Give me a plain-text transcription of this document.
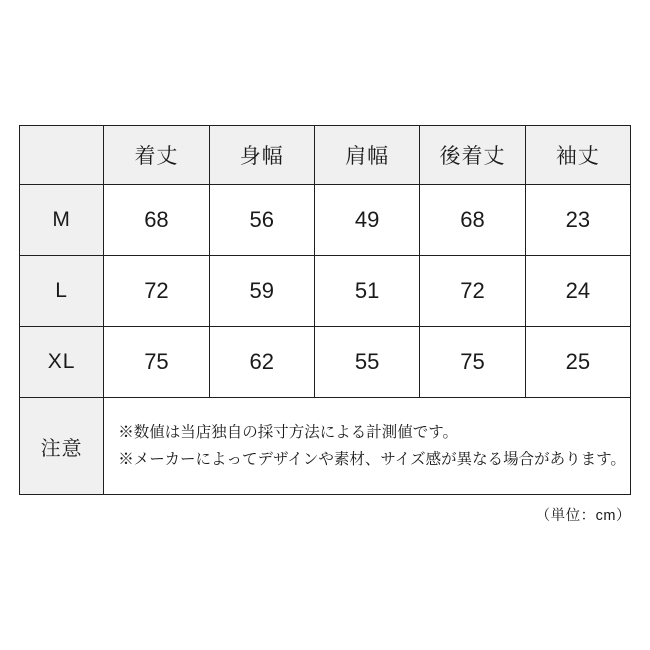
	着丈	身幅	肩幅	後着丈	袖丈
M	68	56	49	68	23
L	72	59	51	72	24
XL	75	62	55	75	25
注意	※数値は当店独自の採寸方法による計測値です。
※メーカーによってデザインや素材、サイズ感が異なる場合があります。				
（単位：cm）
